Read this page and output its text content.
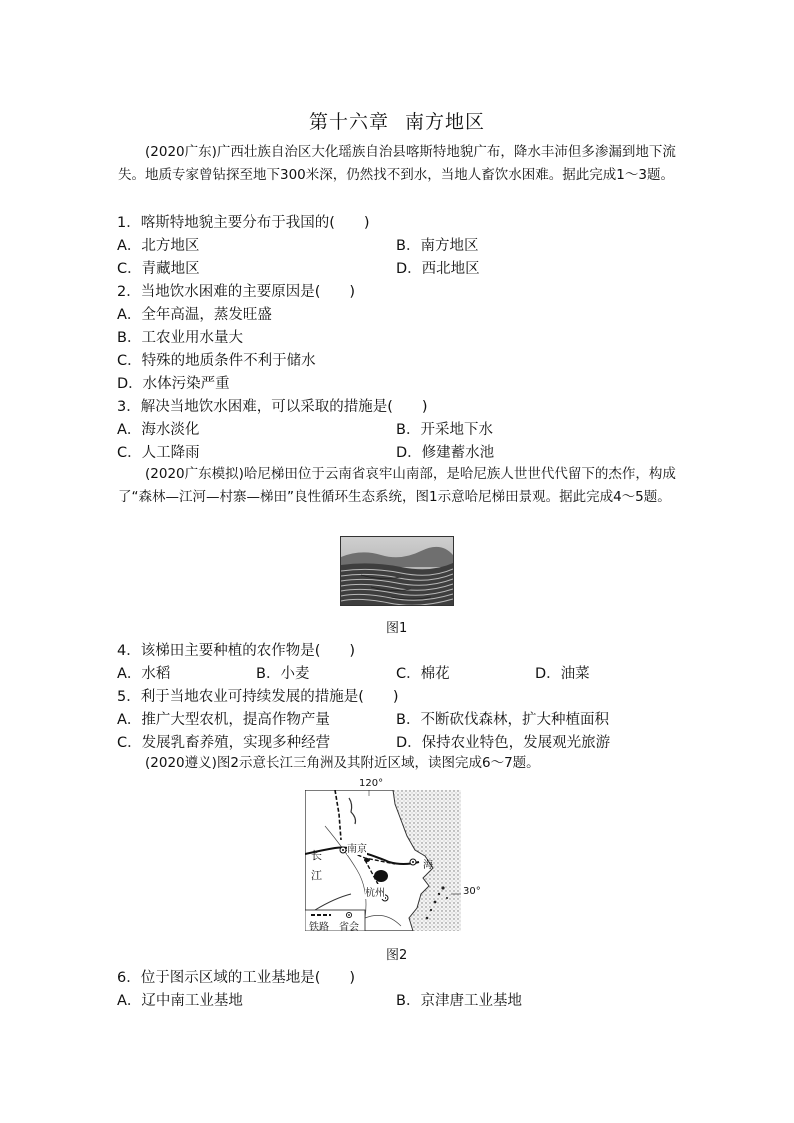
第十六章 南方地区
(2020广东)广西壮族自治区大化瑶族自治县喀斯特地貌广布，降水丰沛但多渗漏到地下流失。地质专家曾钻探至地下300米深，仍然找不到水，当地人畜饮水困难。据此完成1～3题。
1．喀斯特地貌主要分布于我国的(　　)
A．北方地区	B．南方地区
C．青藏地区	D．西北地区
2．当地饮水困难的主要原因是(　　)
A．全年高温，蒸发旺盛
B．工农业用水量大
C．特殊的地质条件不利于储水
D．水体污染严重
3．解决当地饮水困难，可以采取的措施是(　　)
A．海水淡化	B．开采地下水
C．人工降雨	D．修建蓄水池
(2020广东模拟)哈尼梯田位于云南省哀牢山南部，是哈尼族人世世代代留下的杰作，构成了“森林—江河—村寨—梯田”良性循环生态系统，图1示意哈尼梯田景观。据此完成4～5题。
图1
4．该梯田主要种植的农作物是(　　)
A．水稻	B．小麦	C．棉花	D．油菜
5．利于当地农业可持续发展的措施是(　　)
A．推广大型农机，提高作物产量	B．不断砍伐森林，扩大种植面积
C．发展乳畜养殖，实现多种经营	D．保持农业特色，发展观光旅游
(2020遵义)图2示意长江三角洲及其附近区域，读图完成6～7题。
120°
30°
南京
杭州
海
长江
铁路 省会
图2
6．位于图示区域的工业基地是(　　)
A．辽中南工业基地	B．京津唐工业基地
